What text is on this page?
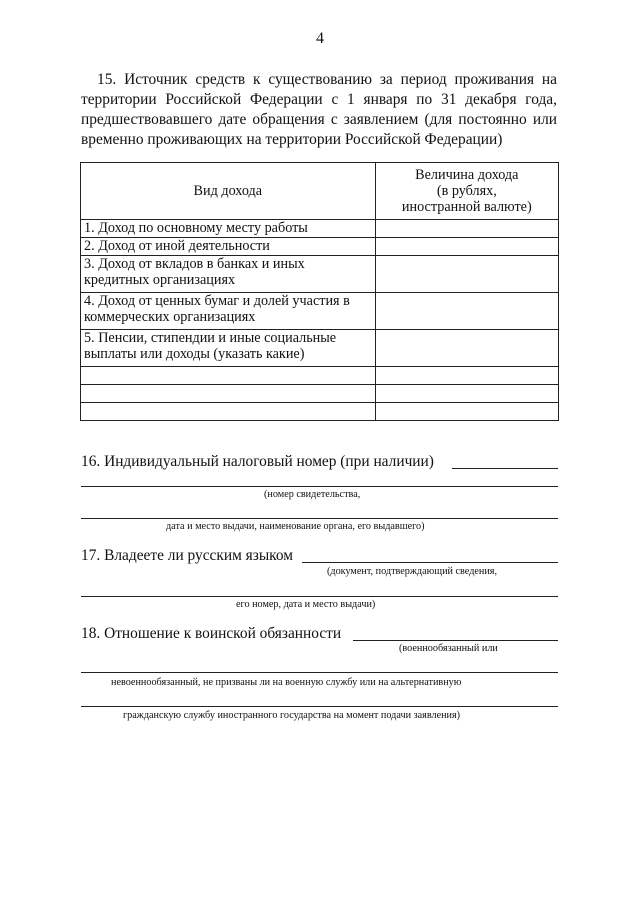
4
15. Источник средств к существованию за период проживания на территории Российской Федерации с 1 января по 31 декабря года, предшествовавшего дате обращения с заявлением (для постоянно или временно проживающих на территории Российской Федерации)
Вид дохода	Величина дохода
(в рублях,
иностранной валюте)

1. Доход по основному месту работы	
2. Доход от иной деятельности	
3. Доход от вкладов в банках и иных кредитных организациях	
4. Доход от ценных бумаг и долей участия в коммерческих организациях	
5. Пенсии, стипендии и иные социальные выплаты или доходы (указать какие)	

16. Индивидуальный налоговый номер (при наличии)
(номер свидетельства,
дата и место выдачи, наименование органа, его выдавшего)
17. Владеете ли русским языком
(документ, подтверждающий сведения,
его номер, дата и место выдачи)
18. Отношение к воинской обязанности
(военнообязанный или
невоеннообязанный, не призваны ли на военную службу или на альтернативную
гражданскую службу иностранного государства на момент подачи заявления)
